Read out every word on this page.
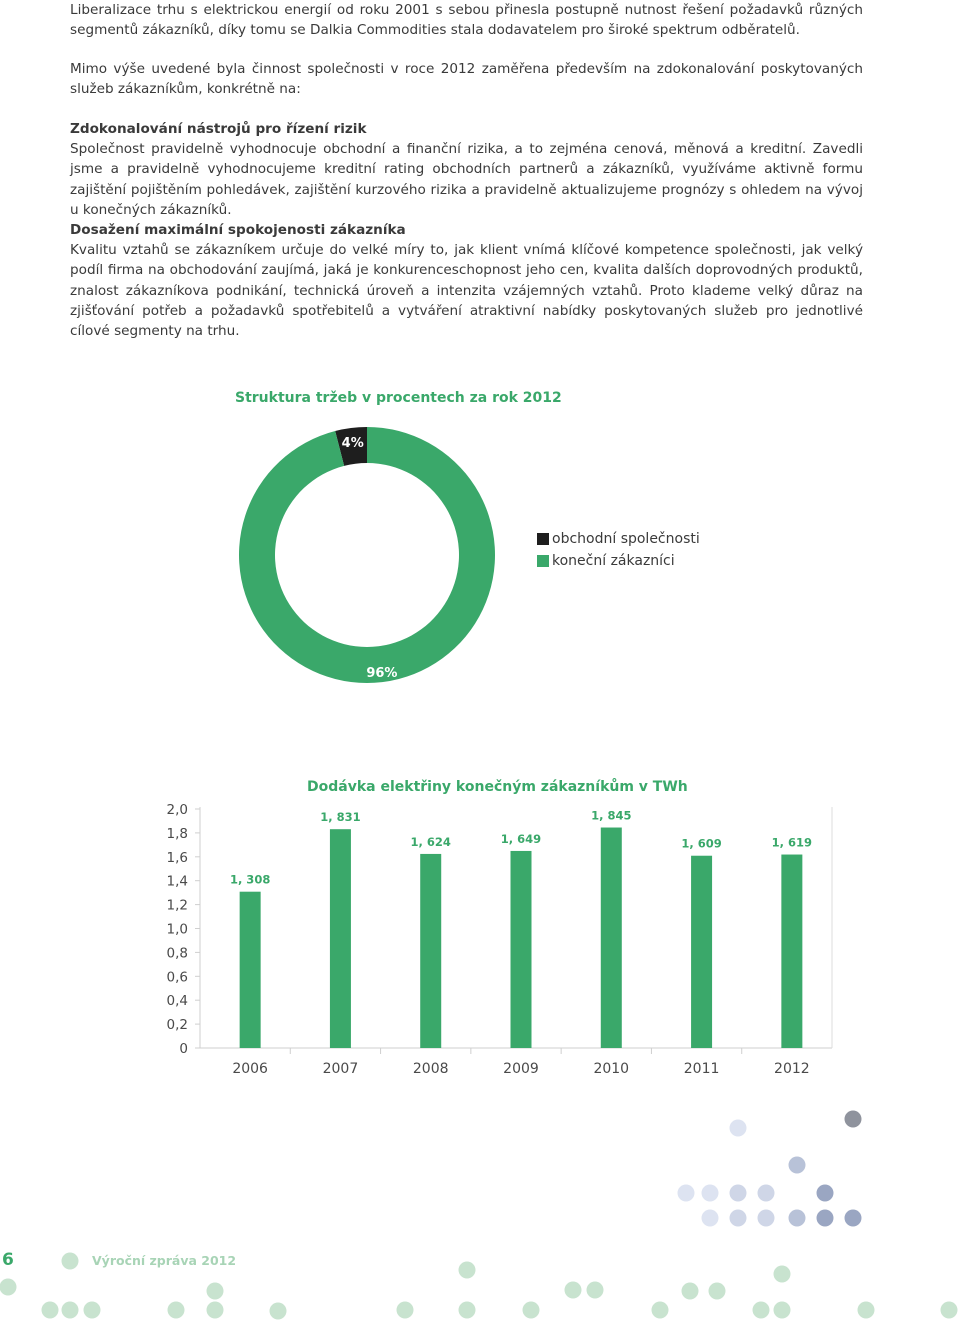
Liberalizace trhu s elektrickou energií od roku 2001 s sebou přinesla postupně nutnost řešení požadavků různých segmentů zákazníků, díky tomu se Dalkia Commodities stala dodavatelem pro široké spektrum odběratelů.

Mimo výše uvedené byla činnost společnosti v roce 2012 zaměřena především na zdokonalování poskytovaných služeb zákazníkům, konkrétně na:

Zdokonalování nástrojů pro řízení rizik
Společnost pravidelně vyhodnocuje obchodní a finanční rizika, a to zejména cenová, měnová a kreditní. Zavedli jsme a pravidelně vyhodnocujeme kreditní rating obchodních partnerů a zákazníků, využíváme aktivně formu zajištění pojištěním pohledávek, zajištění kurzového rizika a pravidelně aktualizujeme prognózy s ohledem na vývoj u konečných zákazníků.
Dosažení maximální spokojenosti zákazníka
Kvalitu vztahů se zákazníkem určuje do velké míry to, jak klient vnímá klíčové kompetence společnosti, jak velký podíl firma na obchodování zaujímá, jaká je konkurenceschopnost jeho cen, kvalita dalších doprovodných produktů, znalost zákazníkova podnikání, technická úroveň a intenzita vzájemných vztahů. Proto klademe velký důraz na zjišťování potřeb a požadavků spotřebitelů a vytváření atraktivní nabídky poskytovaných služeb pro jednotlivé cílové segmenty na trhu.

Struktura tržeb v procentech za rok 2012

4%
96%
obchodní společnosti
koneční zákazníci

Dodávka elektřiny konečným zákazníkům v TWh

0
0,2
0,4
0,6
0,8
1,0
1,2
1,4
1,6
1,8
2,0
1, 308
2006
1, 831
2007
1, 624
2008
1, 649
2009
1, 845
2010
1, 609
2011
1, 619
2012
6	Výroční zpráva 2012
